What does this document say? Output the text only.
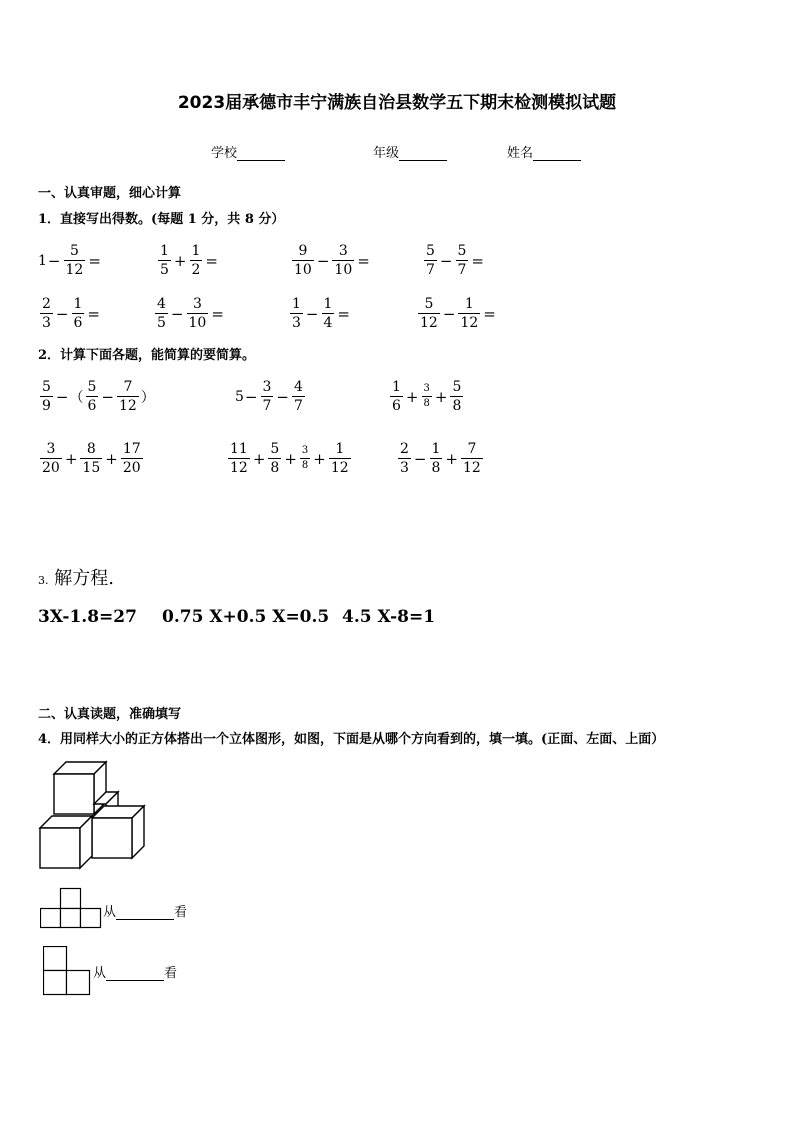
2023届承德市丰宁满族自治县数学五下期末检测模拟试题
学校	年级	姓名
一、认真审题，细心计算
1．直接写出得数。(每题 1 分，共 8 分）
$1 - \frac{5}{12}$ =	$\frac{1}{5} + \frac{1}{2}$ =	$\frac{9}{10} - \frac{3}{10}$ =	$\frac{5}{7} - \frac{5}{7}$ =
$\frac{2}{3} - \frac{1}{6}$ =	$\frac{4}{5} - \frac{3}{10}$ =	$\frac{1}{3} - \frac{1}{4}$ =	$\frac{5}{12} - \frac{1}{12}$ =
2．计算下面各题，能简算的要简算。
$\frac{5}{9}$ − （ $\frac{5}{6} - \frac{7}{12}$ ）	$5 - \frac{3}{7} - \frac{4}{7}$	$\frac{1}{6} + \frac{3}{8} + \frac{5}{8}$
$\frac{3}{20} + \frac{8}{15} + \frac{17}{20}$	$\frac{11}{12} + \frac{5}{8} + \frac{3}{8} + \frac{1}{12}$	$\frac{2}{3} - \frac{1}{8} + \frac{7}{12}$
3. 解方程.
3X-1.8=27 0.75 X+0.5 X=0.5 4.5 X-8=1
二、认真读题，准确填写
4．用同样大小的正方体搭出一个立体图形，如图，下面是从哪个方向看到的，填一填。(正面、左面、上面）
从	看
从	看
